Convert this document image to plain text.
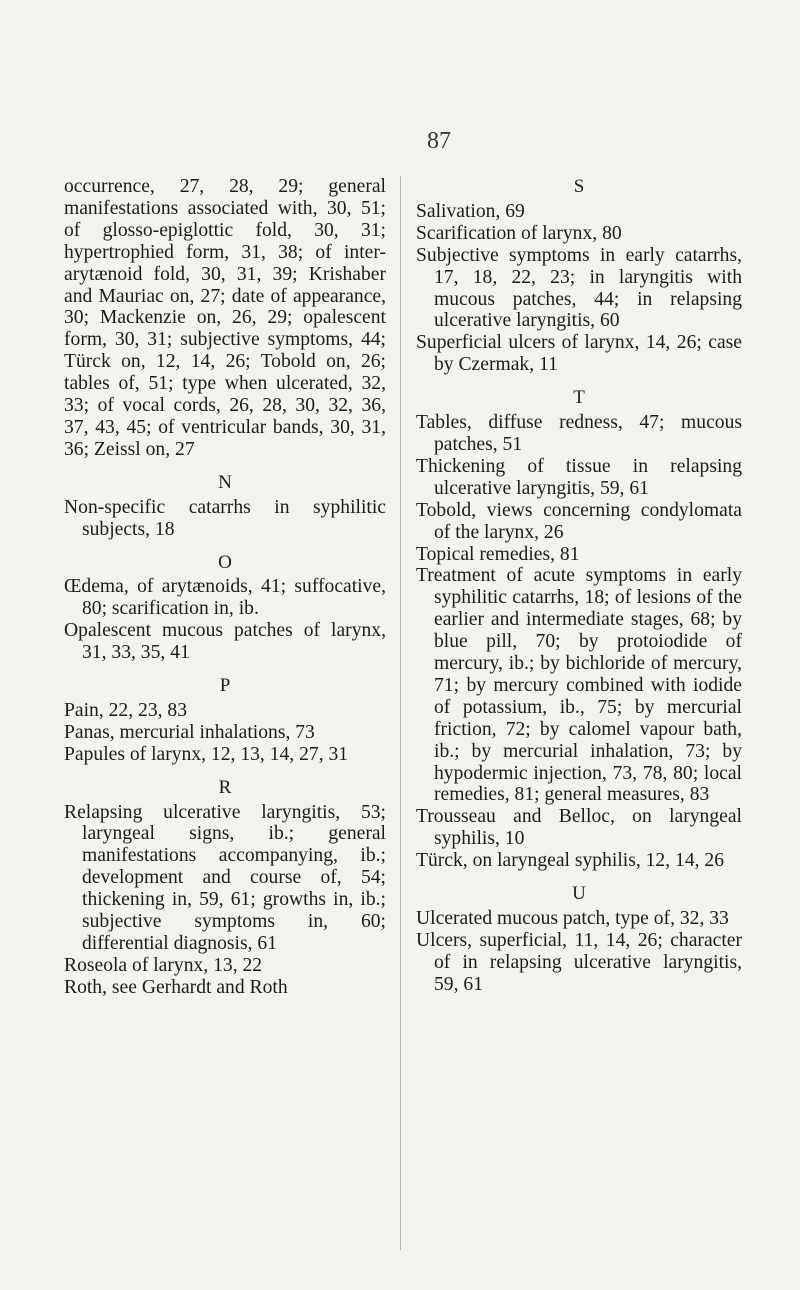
87

occurrence, 27, 28, 29; general manifestations associated with, 30, 51; of glosso-epiglottic fold, 30, 31; hypertrophied form, 31, 38; of inter-arytænoid fold, 30, 31, 39; Krishaber and Mauriac on, 27; date of appearance, 30; Mackenzie on, 26, 29; opalescent form, 30, 31; subjective symptoms, 44; Türck on, 12, 14, 26; Tobold on, 26; tables of, 51; type when ulcerated, 32, 33; of vocal cords, 26, 28, 30, 32, 36, 37, 43, 45; of ventricular bands, 30, 31, 36; Zeissl on, 27

N

Non-specific catarrhs in syphilitic subjects, 18

O

Œdema, of arytænoids, 41; suffocative, 80; scarification in, ib.

Opalescent mucous patches of larynx, 31, 33, 35, 41

P

Pain, 22, 23, 83

Panas, mercurial inhalations, 73

Papules of larynx, 12, 13, 14, 27, 31

R

Relapsing ulcerative laryngitis, 53; laryngeal signs, ib.; general manifestations accompanying, ib.; development and course of, 54; thickening in, 59, 61; growths in, ib.; subjective symptoms in, 60; differential diagnosis, 61

Roseola of larynx, 13, 22

Roth, see Gerhardt and Roth

S

Salivation, 69

Scarification of larynx, 80

Subjective symptoms in early catarrhs, 17, 18, 22, 23; in laryngitis with mucous patches, 44; in relapsing ulcerative laryngitis, 60

Superficial ulcers of larynx, 14, 26; case by Czermak, 11

T

Tables, diffuse redness, 47; mucous patches, 51

Thickening of tissue in relapsing ulcerative laryngitis, 59, 61

Tobold, views concerning condylomata of the larynx, 26

Topical remedies, 81

Treatment of acute symptoms in early syphilitic catarrhs, 18; of lesions of the earlier and intermediate stages, 68; by blue pill, 70; by protoiodide of mercury, ib.; by bichloride of mercury, 71; by mercury combined with iodide of potassium, ib., 75; by mercurial friction, 72; by calomel vapour bath, ib.; by mercurial inhalation, 73; by hypodermic injection, 73, 78, 80; local remedies, 81; general measures, 83

Trousseau and Belloc, on laryngeal syphilis, 10

Türck, on laryngeal syphilis, 12, 14, 26

U

Ulcerated mucous patch, type of, 32, 33

Ulcers, superficial, 11, 14, 26; character of in relapsing ulcerative laryngitis, 59, 61
